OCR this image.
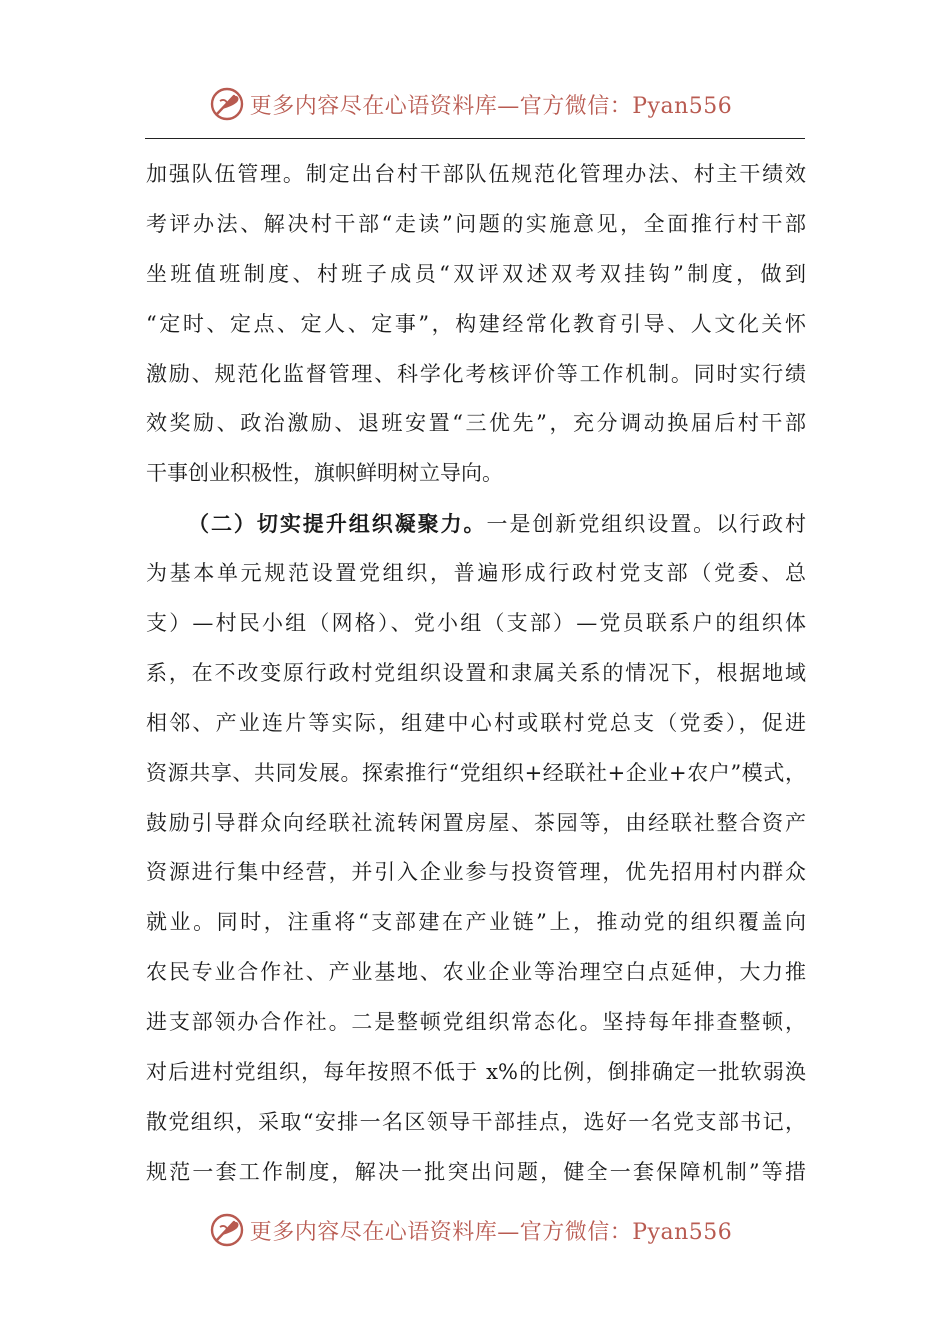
更多内容尽在心语资料库—官方微信：Pyan556
加强队伍管理。制定出台村干部队伍规范化管理办法、村主干绩效
考评办法、解决村干部“走读”问题的实施意见，全面推行村干部
坐班值班制度、村班子成员“双评双述双考双挂钩”制度，做到
“定时、定点、定人、定事”，构建经常化教育引导、人文化关怀
激励、规范化监督管理、科学化考核评价等工作机制。同时实行绩
效奖励、政治激励、退班安置“三优先”，充分调动换届后村干部
干事创业积极性，旗帜鲜明树立导向。
（二）切实提升组织凝聚力。一是创新党组织设置。以行政村
为基本单元规范设置党组织，普遍形成行政村党支部（党委、总
支）—村民小组（网格）、党小组（支部）—党员联系户的组织体
系，在不改变原行政村党组织设置和隶属关系的情况下，根据地域
相邻、产业连片等实际，组建中心村或联村党总支（党委），促进
资源共享、共同发展。探索推行“党组织+经联社+企业+农户”模式，
鼓励引导群众向经联社流转闲置房屋、茶园等，由经联社整合资产
资源进行集中经营，并引入企业参与投资管理，优先招用村内群众
就业。同时，注重将“支部建在产业链”上，推动党的组织覆盖向
农民专业合作社、产业基地、农业企业等治理空白点延伸，大力推
进支部领办合作社。二是整顿党组织常态化。坚持每年排查整顿，
对后进村党组织，每年按照不低于 x%的比例，倒排确定一批软弱涣
散党组织，采取“安排一名区领导干部挂点，选好一名党支部书记，
规范一套工作制度，解决一批突出问题，健全一套保障机制”等措
更多内容尽在心语资料库—官方微信：Pyan556
